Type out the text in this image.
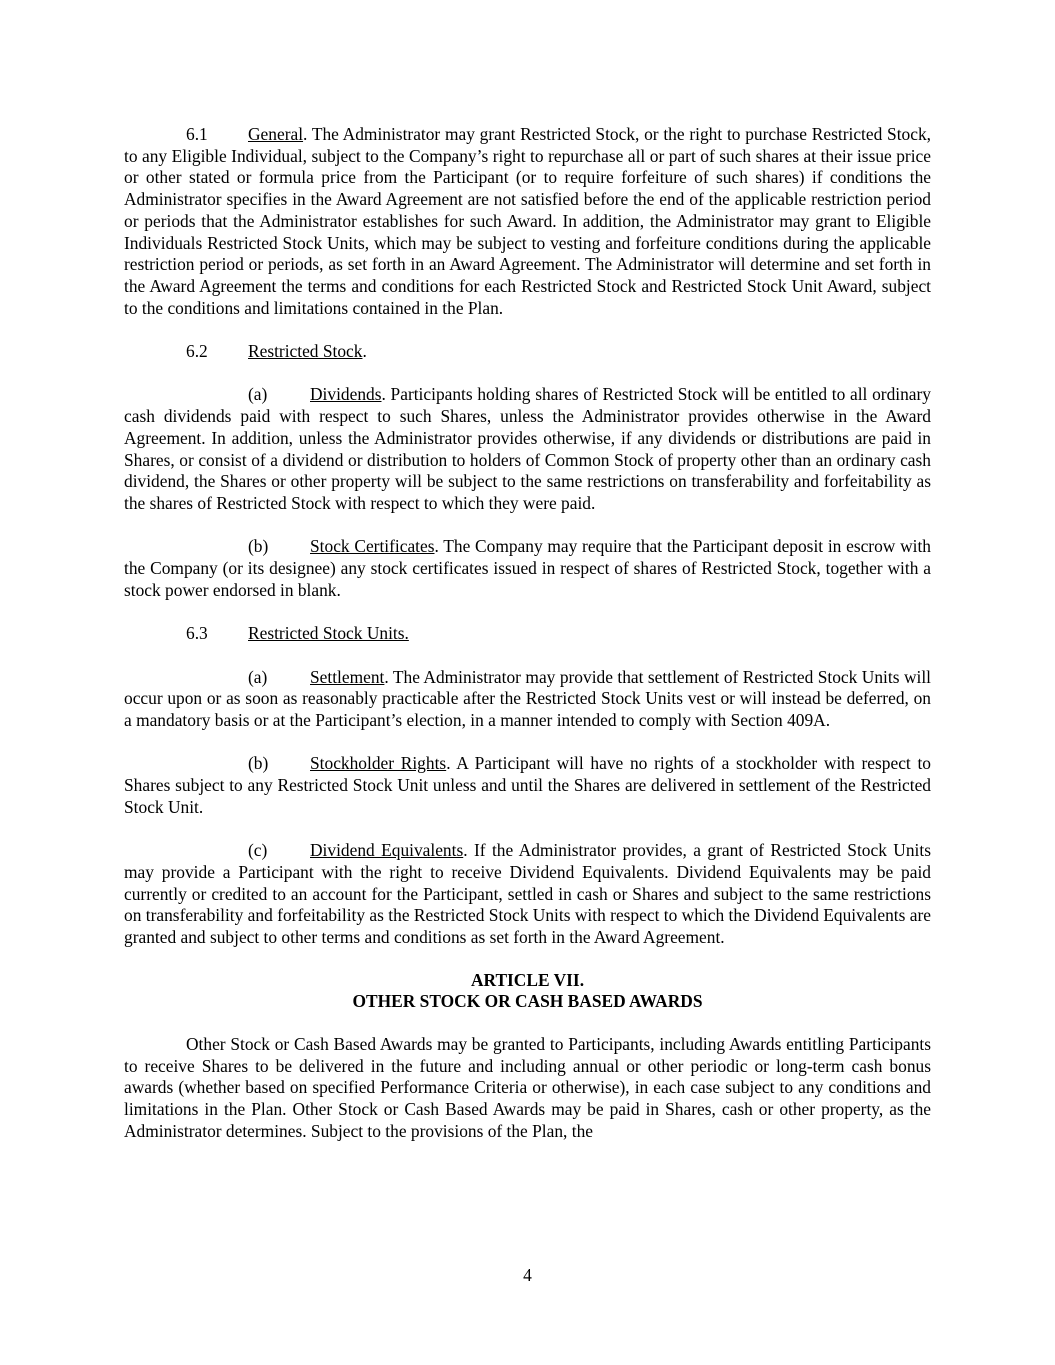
6.1 General. The Administrator may grant Restricted Stock, or the right to purchase Restricted Stock, to any Eligible Individual, subject to the Company’s right to repurchase all or part of such shares at their issue price or other stated or formula price from the Participant (or to require forfeiture of such shares) if conditions the Administrator specifies in the Award Agreement are not satisfied before the end of the applicable restriction period or periods that the Administrator establishes for such Award. In addition, the Administrator may grant to Eligible Individuals Restricted Stock Units, which may be subject to vesting and forfeiture conditions during the applicable restriction period or periods, as set forth in an Award Agreement. The Administrator will determine and set forth in the Award Agreement the terms and conditions for each Restricted Stock and Restricted Stock Unit Award, subject to the conditions and limitations contained in the Plan.

6.2 Restricted Stock.

(a) Dividends. Participants holding shares of Restricted Stock will be entitled to all ordinary cash dividends paid with respect to such Shares, unless the Administrator provides otherwise in the Award Agreement. In addition, unless the Administrator provides otherwise, if any dividends or distributions are paid in Shares, or consist of a dividend or distribution to holders of Common Stock of property other than an ordinary cash dividend, the Shares or other property will be subject to the same restrictions on transferability and forfeitability as the shares of Restricted Stock with respect to which they were paid.

(b) Stock Certificates. The Company may require that the Participant deposit in escrow with the Company (or its designee) any stock certificates issued in respect of shares of Restricted Stock, together with a stock power endorsed in blank.

6.3 Restricted Stock Units.

(a) Settlement. The Administrator may provide that settlement of Restricted Stock Units will occur upon or as soon as reasonably practicable after the Restricted Stock Units vest or will instead be deferred, on a mandatory basis or at the Participant’s election, in a manner intended to comply with Section 409A.

(b) Stockholder Rights. A Participant will have no rights of a stockholder with respect to Shares subject to any Restricted Stock Unit unless and until the Shares are delivered in settlement of the Restricted Stock Unit.

(c) Dividend Equivalents. If the Administrator provides, a grant of Restricted Stock Units may provide a Participant with the right to receive Dividend Equivalents. Dividend Equivalents may be paid currently or credited to an account for the Participant, settled in cash or Shares and subject to the same restrictions on transferability and forfeitability as the Restricted Stock Units with respect to which the Dividend Equivalents are granted and subject to other terms and conditions as set forth in the Award Agreement.

ARTICLE VII.
OTHER STOCK OR CASH BASED AWARDS

Other Stock or Cash Based Awards may be granted to Participants, including Awards entitling Participants to receive Shares to be delivered in the future and including annual or other periodic or long-term cash bonus awards (whether based on specified Performance Criteria or otherwise), in each case subject to any conditions and limitations in the Plan. Other Stock or Cash Based Awards may be paid in Shares, cash or other property, as the Administrator determines. Subject to the provisions of the Plan, the

4
